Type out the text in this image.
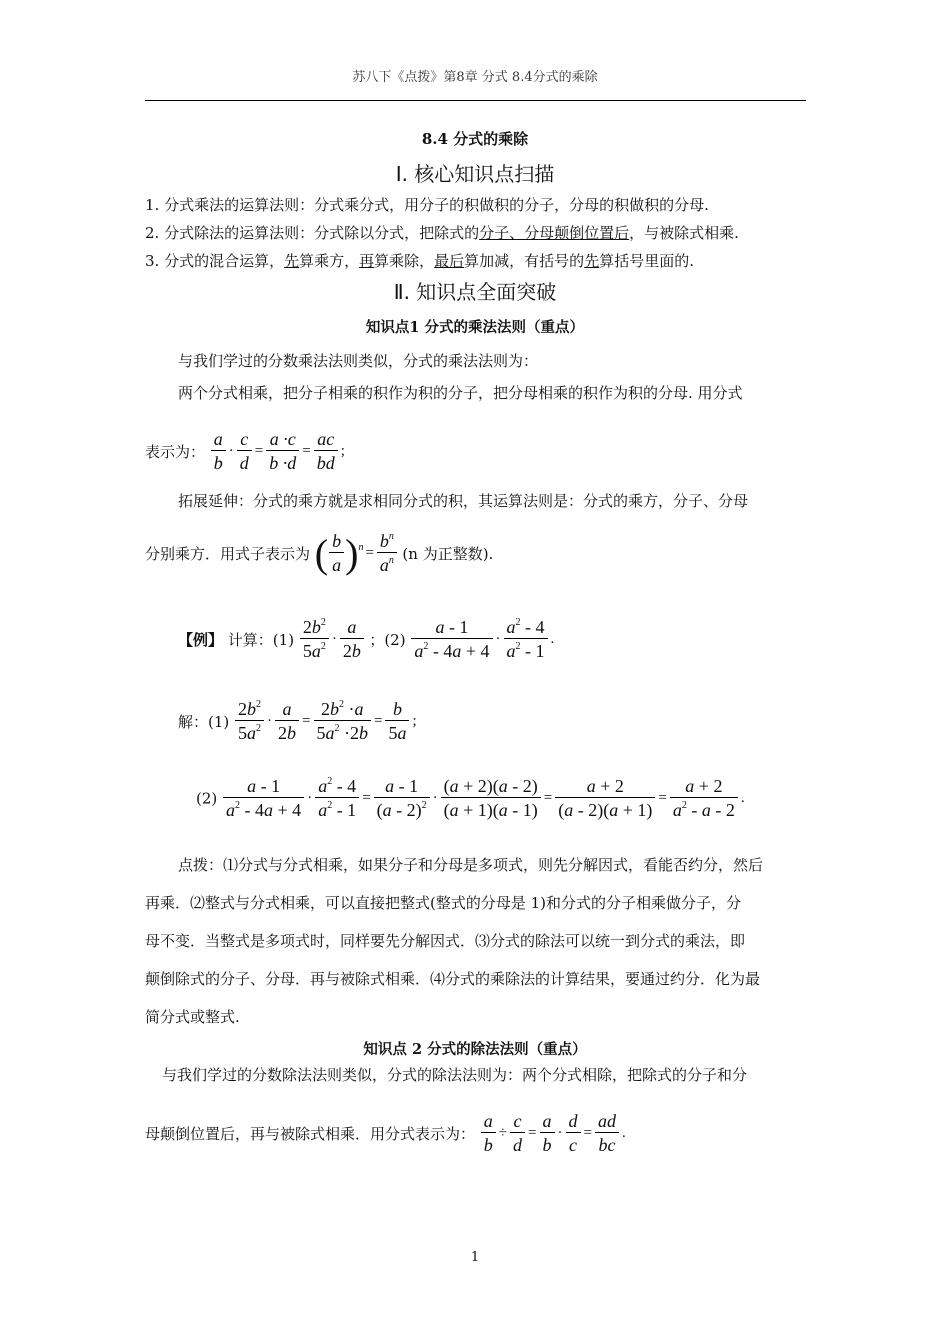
苏八下《点拨》第8章 分式 8.4分式的乘除
8.4 分式的乘除
Ⅰ. 核心知识点扫描
1. 分式乘法的运算法则：分式乘分式，用分子的积做积的分子，分母的积做积的分母.
2. 分式除法的运算法则：分式除以分式，把除式的分子、分母颠倒位置后，与被除式相乘.
3. 分式的混合运算，先算乘方，再算乘除，最后算加减，有括号的先算括号里面的.
Ⅱ. 知识点全面突破
知识点1 分式的乘法法则（重点）
与我们学过的分数乘法法则类似，分式的乘法法则为：
两个分式相乘，把分子相乘的积作为积的分子，把分母相乘的积作为积的分母. 用分式
表示为： $\frac{a}{b} \cdot \frac{c}{d} = \frac{a \cdot c}{b \cdot d} = \frac{ac}{bd}$ ;
拓展延伸：分式的乘方就是求相同分式的积，其运算法则是：分式的乘方，分子、分母
分别乘方．用式子表示为 ( $\frac{b}{a} )^n = \frac{b^n}{a^n} (n$ 为正整数).
【例】 计算：$(1) \frac{2b^2}{5a^2} \cdot \frac{a}{2b}$ ；$(2) \frac{a - 1}{a^2 - 4a + 4} \cdot \frac{a^2 - 4}{a^2 - 1}$ .
解：$(1) \frac{2b^2}{5a^2} \cdot \frac{a}{2b} = \frac{2b^2 \cdot a}{5a^2 \cdot 2b} = \frac{b}{5a}$ ;
$(2) \frac{a - 1}{a^2 - 4a + 4} \cdot \frac{a^2 - 4}{a^2 - 1} = \frac{a - 1}{(a - 2)^2} \cdot \frac{(a + 2)(a - 2)}{(a + 1)(a - 1)} = \frac{a + 2}{(a - 2)(a + 1)} = \frac{a + 2}{a^2 - a - 2}$ .
点拨：⑴分式与分式相乘，如果分子和分母是多项式，则先分解因式，看能否约分，然后
再乘．⑵整式与分式相乘，可以直接把整式(整式的分母是 1)和分式的分子相乘做分子，分
母不变．当整式是多项式时，同样要先分解因式．⑶分式的除法可以统一到分式的乘法，即
颠倒除式的分子、分母．再与被除式相乘．⑷分式的乘除法的计算结果，要通过约分．化为最
简分式或整式.
知识点 2 分式的除法法则（重点）
与我们学过的分数除法法则类似，分式的除法法则为：两个分式相除，把除式的分子和分
母颠倒位置后，再与被除式相乘．用分式表示为： $\frac{a}{b} \div \frac{c}{d} = \frac{a}{b} \cdot \frac{d}{c} = \frac{ad}{bc}$ .
1
